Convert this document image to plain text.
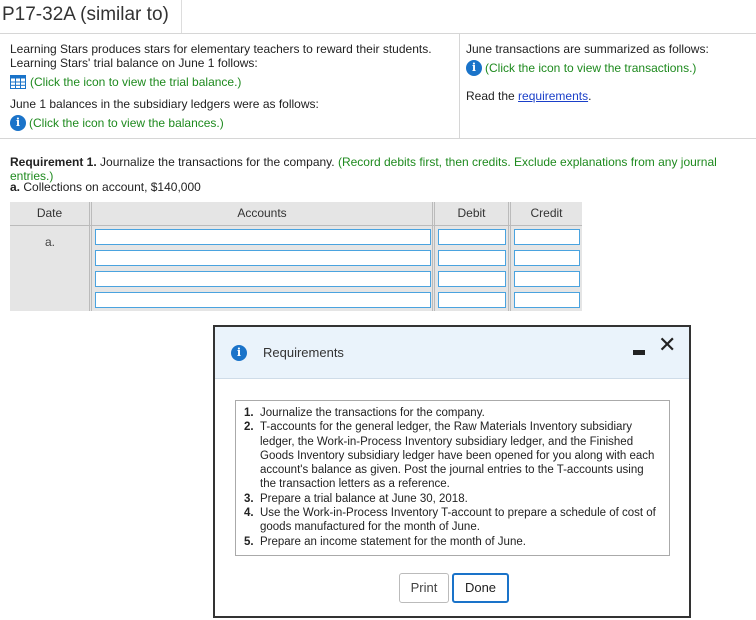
P17-32A (similar to)
Learning Stars produces stars for elementary teachers to reward their students.
Learning Stars' trial balance on June 1 follows:
(Click the icon to view the trial balance.)
June 1 balances in the subsidiary ledgers were as follows:
i (Click the icon to view the balances.)
June transactions are summarized as follows:
i (Click the icon to view the transactions.)
Read the requirements.
Requirement 1. Journalize the transactions for the company. (Record debits first, then credits. Exclude explanations from any journal entries.)
a. Collections on account, $140,000
Date	Accounts	Debit	Credit
a.
i	Requirements	✕
1. Journalize the transactions for the company.
2. T-accounts for the general ledger, the Raw Materials Inventory subsidiary ledger, the Work-in-Process Inventory subsidiary ledger, and the Finished Goods Inventory subsidiary ledger have been opened for you along with each account's balance as given. Post the journal entries to the T-accounts using the transaction letters as a reference.
3. Prepare a trial balance at June 30, 2018.
4. Use the Work-in-Process Inventory T-account to prepare a schedule of cost of goods manufactured for the month of June.
5. Prepare an income statement for the month of June.
Print	Done
